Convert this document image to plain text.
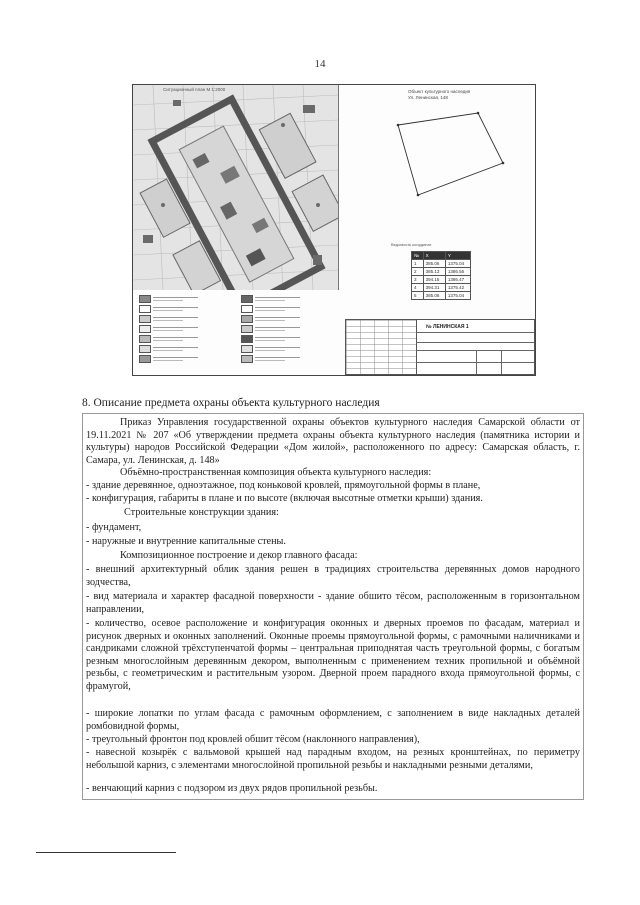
14
Ситуационный план М 1:2000	Объект культурного наследия
Ул. Ленинская, 148
Ведомость координат
№	X	Y
1	385.06	1375.04
2	385.13	1386.55
3	394.15	1386.47
4	394.31	1375.42
5	385.06	1375.04
№ ЛЕНИНСКАЯ 1
8. Описание предмета охраны объекта культурного наследия

Приказ Управления государственной охраны объектов культурного наследия Самарской области от 19.11.2021 № 207 «Об утверждении предмета охраны объекта культурного наследия (памятника истории и культуры) народов Российской Федерации «Дом жилой», расположенного по адресу: Самарская область, г. Самара, ул. Ленинская, д. 148»

Объёмно-пространственная композиция объекта культурного наследия:

- здание деревянное, одноэтажное, под коньковой кровлей, прямоугольной формы в плане,

- конфигурация, габариты в плане и по высоте (включая высотные отметки крыши) здания.

Строительные конструкции здания:

- фундамент,

- наружные и внутренние капитальные стены.

Композиционное построение и декор главного фасада:

- внешний архитектурный облик здания решен в традициях строительства деревянных домов народного зодчества,

- вид материала и характер фасадной поверхности - здание обшито тёсом, расположенным в горизонтальном направлении,

- количество, осевое расположение и конфигурация оконных и дверных проемов по фасадам, материал и рисунок дверных и оконных заполнений. Оконные проемы прямоугольной формы, с рамочными наличниками и сандриками сложной трёхступенчатой формы – центральная приподнятая часть треугольной формы, с богатым резным многослойным деревянным декором, выполненным с применением техник пропильной и объёмной резьбы, с геометрическим и растительным узором. Дверной проем парадного входа прямоугольной формы, с фрамугой,

- широкие лопатки по углам фасада с рамочным оформлением, с заполнением в виде накладных деталей ромбовидной формы,

- треугольный фронтон под кровлей обшит тёсом (наклонного направления),

- навесной козырёк с вальмовой крышей над парадным входом, на резных кронштейнах, по периметру небольшой карниз, с элементами многослойной пропильной резьбы и накладными резными деталями,

- венчающий карниз с подзором из двух рядов пропильной резьбы.
